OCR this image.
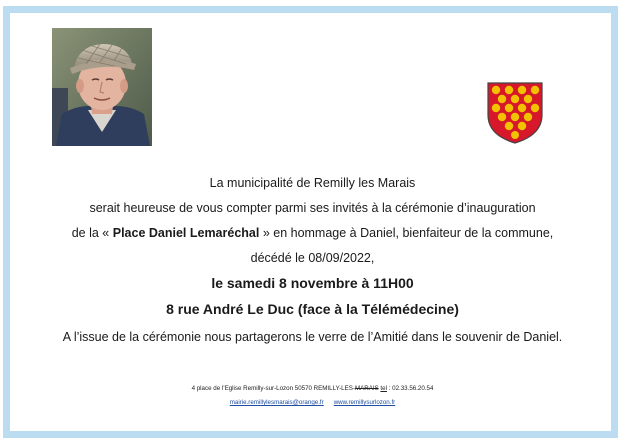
La municipalité de Remilly les Marais
serait heureuse de vous compter parmi ses invités à la cérémonie d’inauguration
de la « Place Daniel Lemaréchal » en hommage à Daniel, bienfaiteur de la commune,
décédé le 08/09/2022,
le samedi 8 novembre à 11H00
8 rue André Le Duc (face à la Télémédecine)
A l’issue de la cérémonie nous partagerons le verre de l’Amitié dans le souvenir de Daniel.
4 place de l’Eglise Remilly-sur-Lozon 50570 REMILLY-LES-MARAIS tel : 02.33.56.20.54
mairie.remillylesmarais@orange.fr www.remillysurlozon.fr
